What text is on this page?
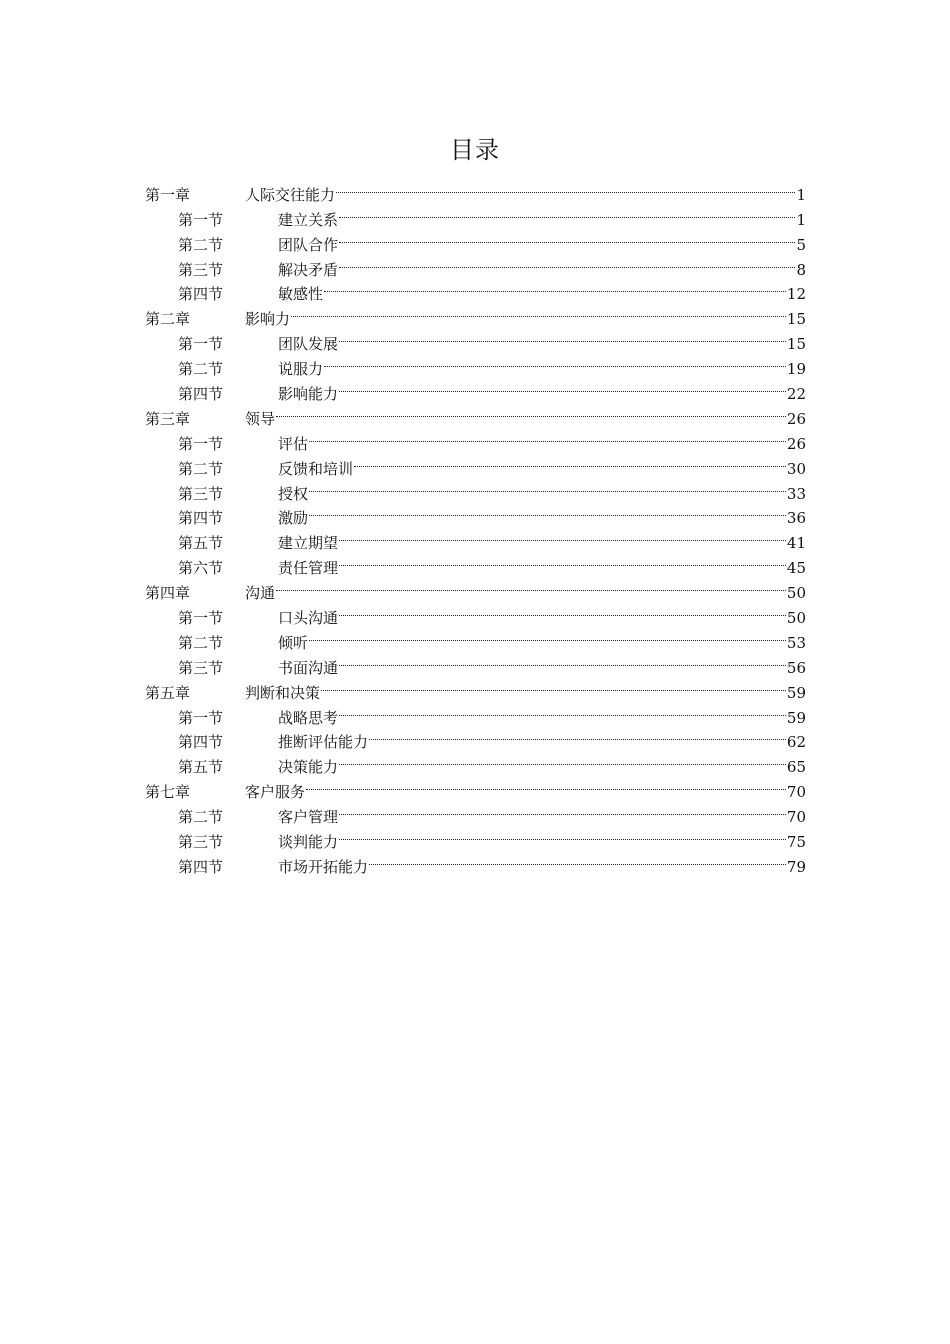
目录
第一章	人际交往能力	1
第一节	建立关系	1
第二节	团队合作	5
第三节	解决矛盾	8
第四节	敏感性	12
第二章	影响力	15
第一节	团队发展	15
第二节	说服力	19
第四节	影响能力	22
第三章	领导	26
第一节	评估	26
第二节	反馈和培训	30
第三节	授权	33
第四节	激励	36
第五节	建立期望	41
第六节	责任管理	45
第四章	沟通	50
第一节	口头沟通	50
第二节	倾听	53
第三节	书面沟通	56
第五章	判断和决策	59
第一节	战略思考	59
第四节	推断评估能力	62
第五节	决策能力	65
第七章	客户服务	70
第二节	客户管理	70
第三节	谈判能力	75
第四节	市场开拓能力	79
